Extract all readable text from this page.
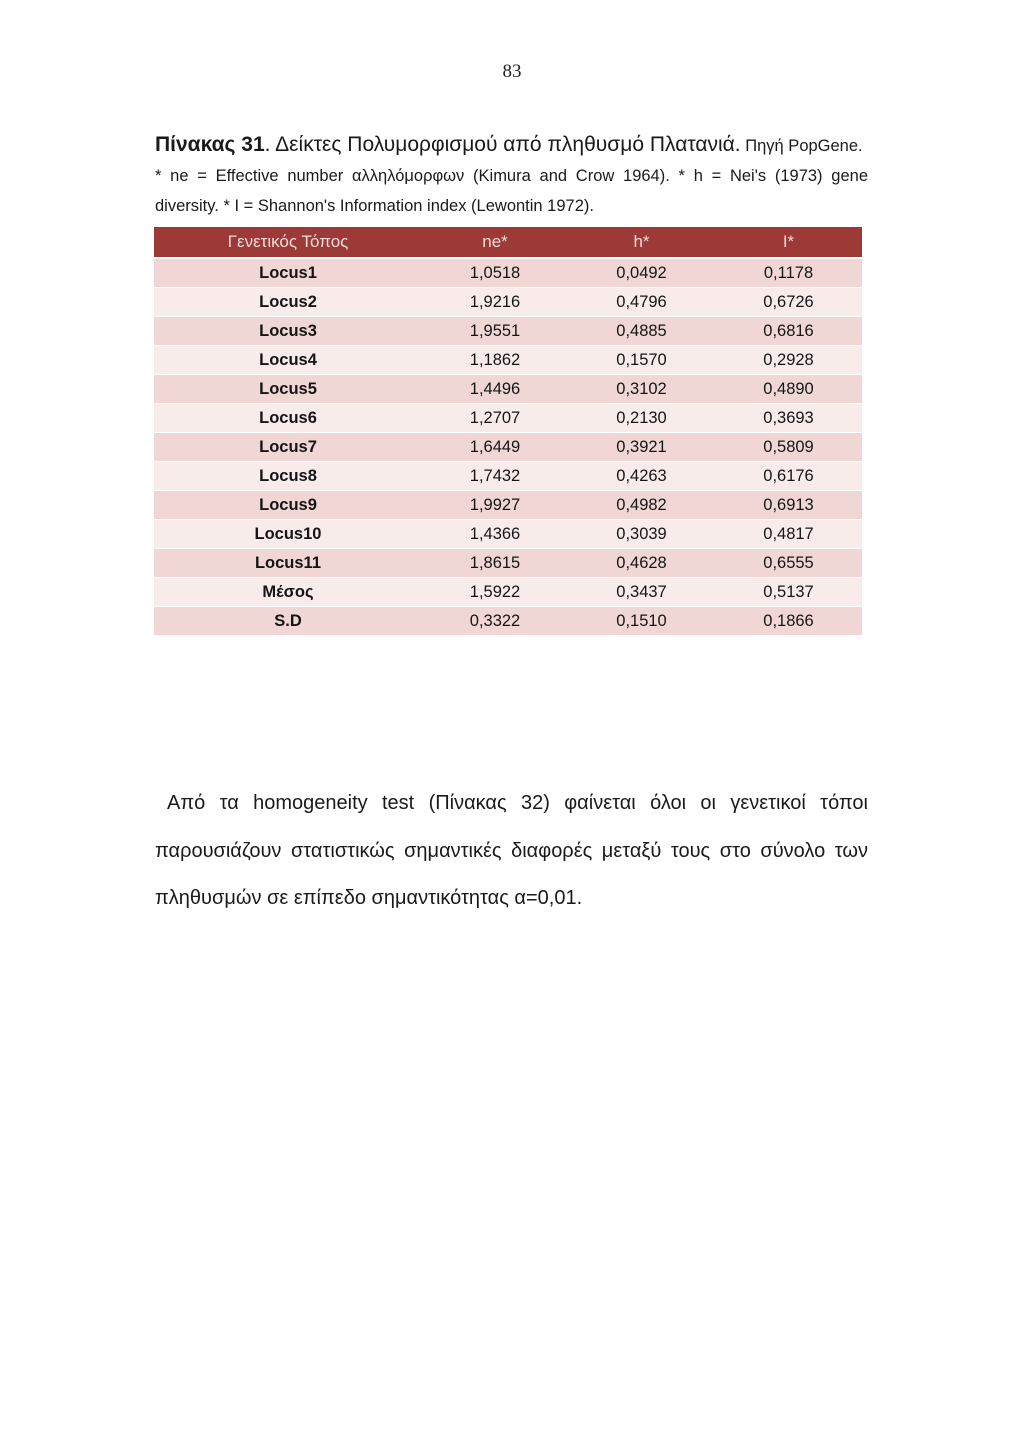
83
Πίνακας 31. Δείκτες Πολυμορφισμού από πληθυσμό Πλατανιά. Πηγή PopGene.
* ne = Effective number αλληλόμορφων (Kimura and Crow 1964). * h = Nei's (1973) gene diversity. * I = Shannon's Information index (Lewontin 1972).
Γενετικός Τόπος	ne*	h*	I*
Locus1	1,0518	0,0492	0,1178
Locus2	1,9216	0,4796	0,6726
Locus3	1,9551	0,4885	0,6816
Locus4	1,1862	0,1570	0,2928
Locus5	1,4496	0,3102	0,4890
Locus6	1,2707	0,2130	0,3693
Locus7	1,6449	0,3921	0,5809
Locus8	1,7432	0,4263	0,6176
Locus9	1,9927	0,4982	0,6913
Locus10	1,4366	0,3039	0,4817
Locus11	1,8615	0,4628	0,6555
Μέσος	1,5922	0,3437	0,5137
S.D	0,3322	0,1510	0,1866
Από τα homogeneity test (Πίνακας 32) φαίνεται όλοι οι γενετικοί τόποι παρουσιάζουν στατιστικώς σημαντικές διαφορές μεταξύ τους στο σύνολο των πληθυσμών σε επίπεδο σημαντικότητας α=0,01.
